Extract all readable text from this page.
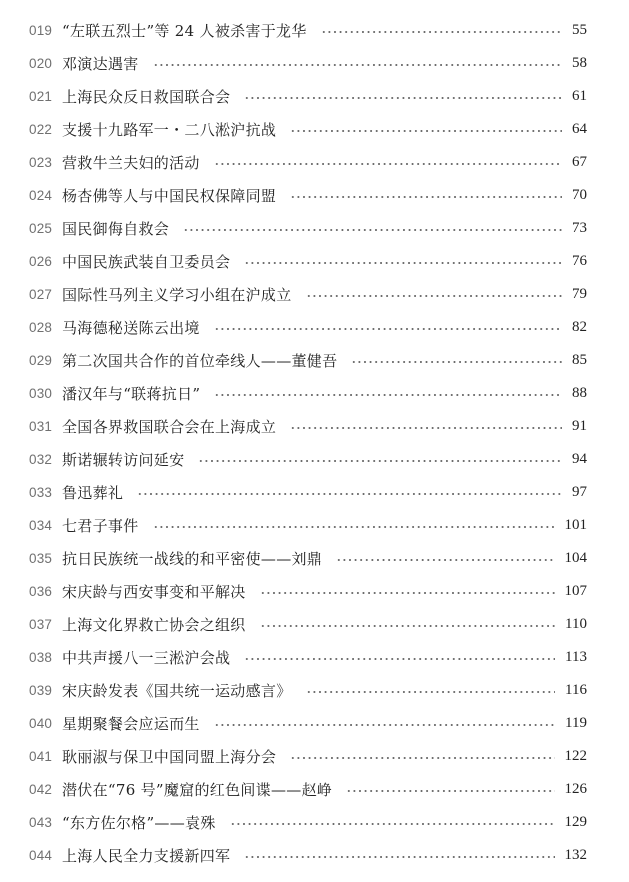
019 “左联五烈士”等 24 人被杀害于龙华	55
020 邓演达遇害	58
021 上海民众反日救国联合会	61
022 支援十九路军一・二八淞沪抗战	64
023 营救牛兰夫妇的活动	67
024 杨杏佛等人与中国民权保障同盟	70
025 国民御侮自救会	73
026 中国民族武装自卫委员会	76
027 国际性马列主义学习小组在沪成立	79
028 马海德秘送陈云出境	82
029 第二次国共合作的首位牵线人——董健吾	85
030 潘汉年与“联蒋抗日”	88
031 全国各界救国联合会在上海成立	91
032 斯诺辗转访问延安	94
033 鲁迅葬礼	97
034 七君子事件	101
035 抗日民族统一战线的和平密使——刘鼎	104
036 宋庆龄与西安事变和平解决	107
037 上海文化界救亡协会之组织	110
038 中共声援八一三淞沪会战	113
039 宋庆龄发表《国共统一运动感言》	116
040 星期聚餐会应运而生	119
041 耿丽淑与保卫中国同盟上海分会	122
042 潜伏在“76 号”魔窟的红色间谍——赵峥	126
043 “东方佐尔格”——袁殊	129
044 上海人民全力支援新四军	132
